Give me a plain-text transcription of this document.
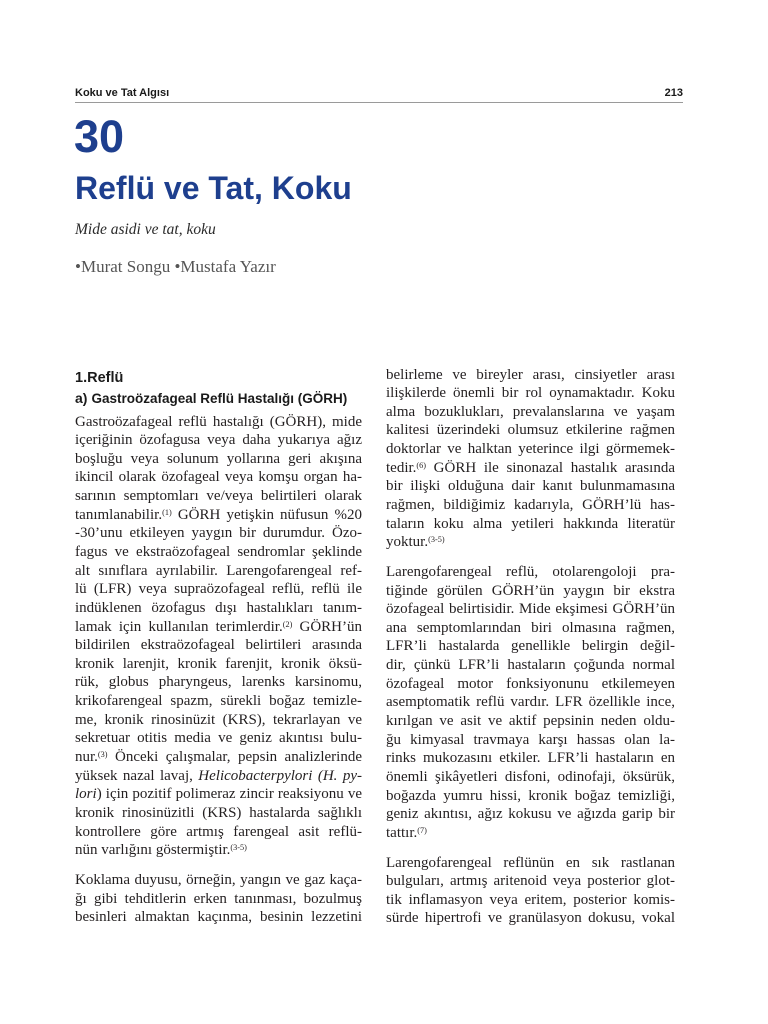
Koku ve Tat Algısı	213
30
Reflü ve Tat, Koku
Mide asidi ve tat, koku
• Murat Songu • Mustafa Yazır
1.Reflü
a) Gastroözafageal Reflü Hastalığı (GÖRH)
Gastroözafageal reflü hastalığı (GÖRH), mide
içeriğinin özofagusa veya daha yukarıya ağız
boşluğu veya solunum yollarına geri akışına
ikincil olarak özofageal veya komşu organ ha-
sarının semptomları ve/veya belirtileri olarak
tanımlanabilir.$^{(1)}$ GÖRH yetişkin nüfusun %20
-30’unu etkileyen yaygın bir durumdur. Özo-
fagus ve ekstraözofageal sendromlar şeklinde
alt sınıflara ayrılabilir. Larengofarengeal ref-
lü (LFR) veya supraözofageal reflü, reflü ile
indüklenen özofagus dışı hastalıkları tanım-
lamak için kullanılan terimlerdir.$^{(2)}$ GÖRH’ün
bildirilen ekstraözofageal belirtileri arasında
kronik larenjit, kronik farenjit, kronik öksü-
rük, globus pharyngeus, larenks karsinomu,
krikofarengeal spazm, sürekli boğaz temizle-
me, kronik rinosinüzit (KRS), tekrarlayan ve
sekretuar otitis media ve geniz akıntısı bulu-
nur.$^{(3)}$ Önceki çalışmalar, pepsin analizlerinde
yüksek nazal lavaj, Helicobacterpylori (H. py-
lori) için pozitif polimeraz zincir reaksiyonu ve
kronik rinosinüzitli (KRS) hastalarda sağlıklı
kontrollere göre artmış farengeal asit reflü-
nün varlığını göstermiştir.$^{(3-5)}$
Koklama duyusu, örneğin, yangın ve gaz kaça-
ğı gibi tehditlerin erken tanınması, bozulmuş
besinleri almaktan kaçınma, besinin lezzetini
belirleme ve bireyler arası, cinsiyetler arası
ilişkilerde önemli bir rol oynamaktadır. Koku
alma bozuklukları, prevalanslarına ve yaşam
kalitesi üzerindeki olumsuz etkilerine rağmen
doktorlar ve halktan yeterince ilgi görmemek-
tedir.$^{(6)}$ GÖRH ile sinonazal hastalık arasında
bir ilişki olduğuna dair kanıt bulunmamasına
rağmen, bildiğimiz kadarıyla, GÖRH’lü has-
taların koku alma yetileri hakkında literatür
yoktur.$^{(3-5)}$
Larengofarengeal reflü, otolarengoloji pra-
tiğinde görülen GÖRH’ün yaygın bir ekstra
özofageal belirtisidir. Mide ekşimesi GÖRH’ün
ana semptomlarından biri olmasına rağmen,
LFR’li hastalarda genellikle belirgin değil-
dir, çünkü LFR’li hastaların çoğunda normal
özofageal motor fonksiyonunu etkilemeyen
asemptomatik reflü vardır. LFR özellikle ince,
kırılgan ve asit ve aktif pepsinin neden oldu-
ğu kimyasal travmaya karşı hassas olan la-
rinks mukozasını etkiler. LFR’li hastaların en
önemli şikâyetleri disfoni, odinofaji, öksürük,
boğazda yumru hissi, kronik boğaz temizliği,
geniz akıntısı, ağız kokusu ve ağızda garip bir
tattır.$^{(7)}$
Larengofarengeal reflünün en sık rastlanan
bulguları, artmış aritenoid veya posterior glot-
tik inflamasyon veya eritem, posterior komis-
sürde hipertrofi ve granülasyon dokusu, vokal
